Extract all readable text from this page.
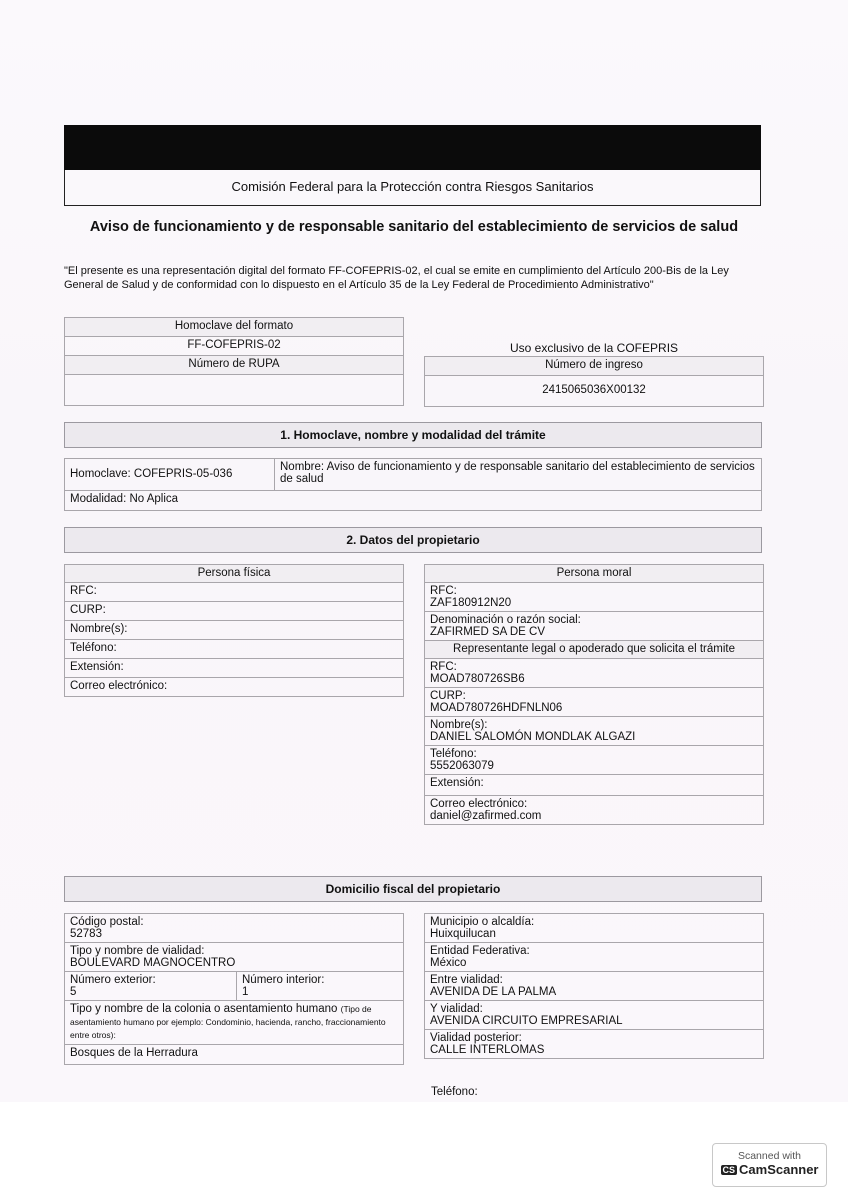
Comisión Federal para la Protección contra Riesgos Sanitarios
Aviso de funcionamiento y de responsable sanitario del establecimiento de servicios de salud
"El presente es una representación digital del formato FF-COFEPRIS-02, el cual se emite en cumplimiento del Artículo 200-Bis de la Ley General de Salud y de conformidad con lo dispuesto en el Artículo 35 de la Ley Federal de Procedimiento Administrativo"
Homoclave del formato
FF-COFEPRIS-02
Número de RUPA

Uso exclusivo de la COFEPRIS
Número de ingreso
2415065036X00132
1. Homoclave, nombre y modalidad del trámite
Homoclave: COFEPRIS-05-036	Nombre: Aviso de funcionamiento y de responsable sanitario del establecimiento de servicios de salud
Modalidad: No Aplica
2. Datos del propietario
Persona física
RFC:
CURP:
Nombre(s):
Teléfono:
Extensión:
Correo electrónico:
Persona moral

RFC:
ZAF180912N20

Denominación o razón social:
ZAFIRMED SA DE CV

Representante legal o apoderado que solicita el trámite

RFC:
MOAD780726SB6

CURP:
MOAD780726HDFNLN06

Nombre(s):
DANIEL SALOMÓN MONDLAK ALGAZI

Teléfono:
5552063079

Extensión:

Correo electrónico:
daniel@zafirmed.com
Domicilio fiscal del propietario
Código postal:
52783

Tipo y nombre de vialidad:
BOULEVARD MAGNOCENTRO

Número exterior:
5

Número interior:
1

Tipo y nombre de la colonia o asentamiento humano (Tipo de asentamiento humano por ejemplo: Condominio, hacienda, rancho, fraccionamiento entre otros):
Bosques de la Herradura
Municipio o alcaldía:
Huixquilucan

Entidad Federativa:
México

Entre vialidad:
AVENIDA DE LA PALMA

Y vialidad:
AVENIDA CIRCUITO EMPRESARIAL

Vialidad posterior:
CALLE INTERLOMAS
Teléfono:
Scanned with
CS CamScanner
